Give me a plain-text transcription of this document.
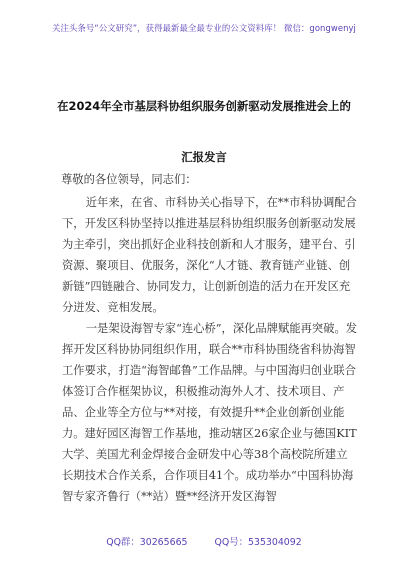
关注头条号“公文研究”，获得最新最全最专业的公文资料库！ 微信：gongwenyj
在2024年全市基层科协组织服务创新驱动发展推进会上的
汇报发言
尊敬的各位领导，同志们：

近年来，在省、市科协关心指导下，在**市科协调配合下，开发区科协坚持以推进基层科协组织服务创新驱动发展为主牵引，突出抓好企业科技创新和人才服务，建平台、引资源、聚项目、优服务，深化“人才链、教育链产业链、创新链”四链融合、协同发力，让创新创造的活力在开发区充分迸发、竞相发展。

一是架设海智专家“连心桥”，深化品牌赋能再突破。发挥开发区科协协同组织作用，联合**市科协围绕省科协海智工作要求，打造“海智邮鲁”工作品牌。与中国海归创业联合体签订合作框架协议，积极推动海外人才、技术项目、产品、企业等全方位与**对接，有效提升**企业创新创业能力。建好园区海智工作基地，推动辖区26家企业与德国KIT大学、美国尤利金焊接合金研发中心等38个高校院所建立长期技术合作关系，合作项目41个。成功举办“中国科协海智专家齐鲁行（**站）暨**经济开发区海智

QQ群：30265665	QQ号：535304092
